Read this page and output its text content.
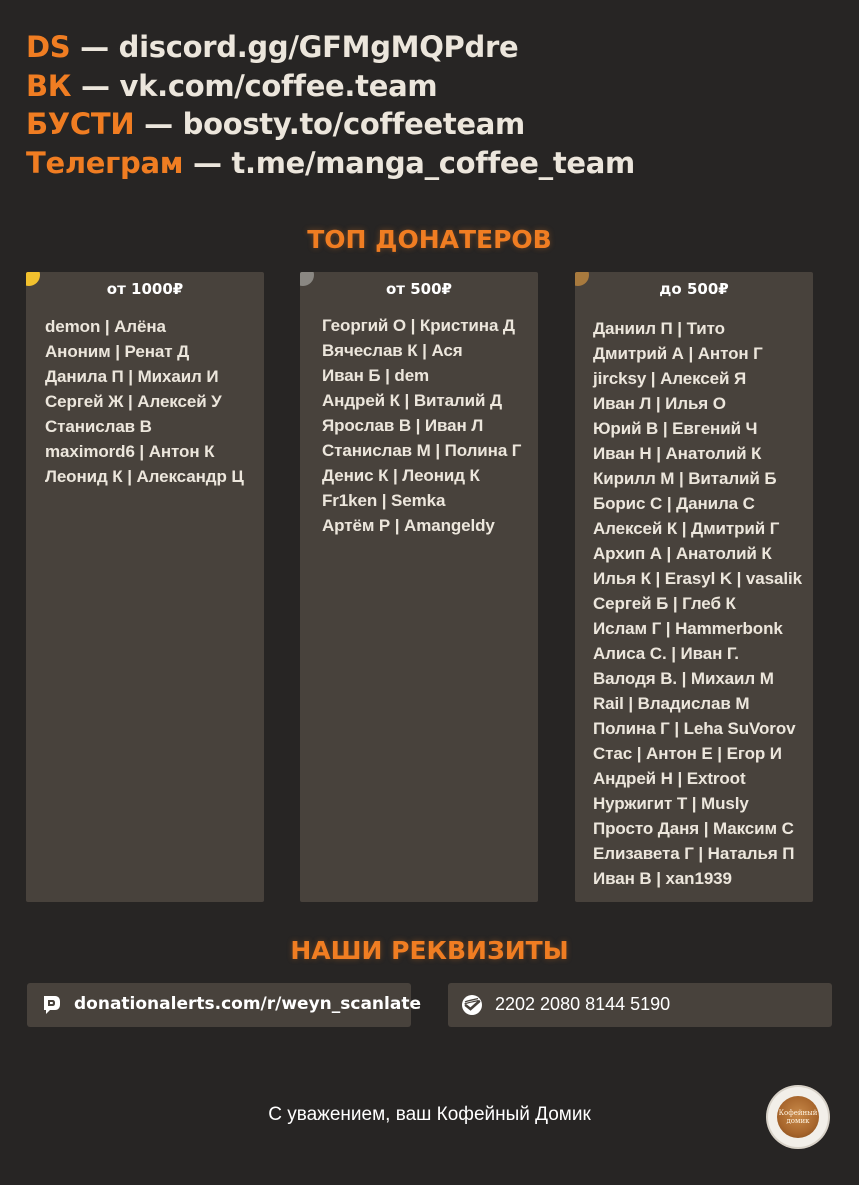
DS — discord.gg/GFMgMQPdre
ВК — vk.com/coffee.team
БУСТИ — boosty.to/coffeeteam
Телеграм — t.me/manga_coffee_team
ТОП ДОНАТЕРОВ
от 1000₽
demon | Алёна
Аноним | Ренат Д
Данила П | Михаил И
Сергей Ж | Алексей У
Станислав В
maximord6 | Антон К
Леонид К | Александр Ц
от 500₽
Георгий О | Кристина Д
Вячеслав К | Ася
Иван Б | dem
Андрей К | Виталий Д
Ярослав В | Иван Л
Станислав М | Полина Г
Денис К | Леонид К
Fr1ken | Semka
Артём Р | Amangeldy
до 500₽
Даниил П | Тито
Дмитрий А | Антон Г
jircksy | Алексей Я
Иван Л | Илья О
Юрий В | Евгений Ч
Иван Н | Анатолий К
Кирилл М | Виталий Б
Борис С | Данила С
Алексей К | Дмитрий Г
Архип А | Анатолий К
Илья К | Erasyl K | vasalik
Сергей Б | Глеб К
Ислам Г | Hammerbonk
Алиса С. | Иван Г.
Валодя В. | Михаил М
Rail | Владислав М
Полина Г | Leha SuVorov
Стас | Антон Е | Егор И
Андрей Н | Extroot
Нуржигит Т | Musly
Просто Даня | Максим С
Елизавета Г | Наталья П
Иван В | xan1939
НАШИ РЕКВИЗИТЫ
donationalerts.com/r/weyn_scanlate	2202 2080 8144 5190
С уважением, ваш Кофейный Домик	Кофейный домик
